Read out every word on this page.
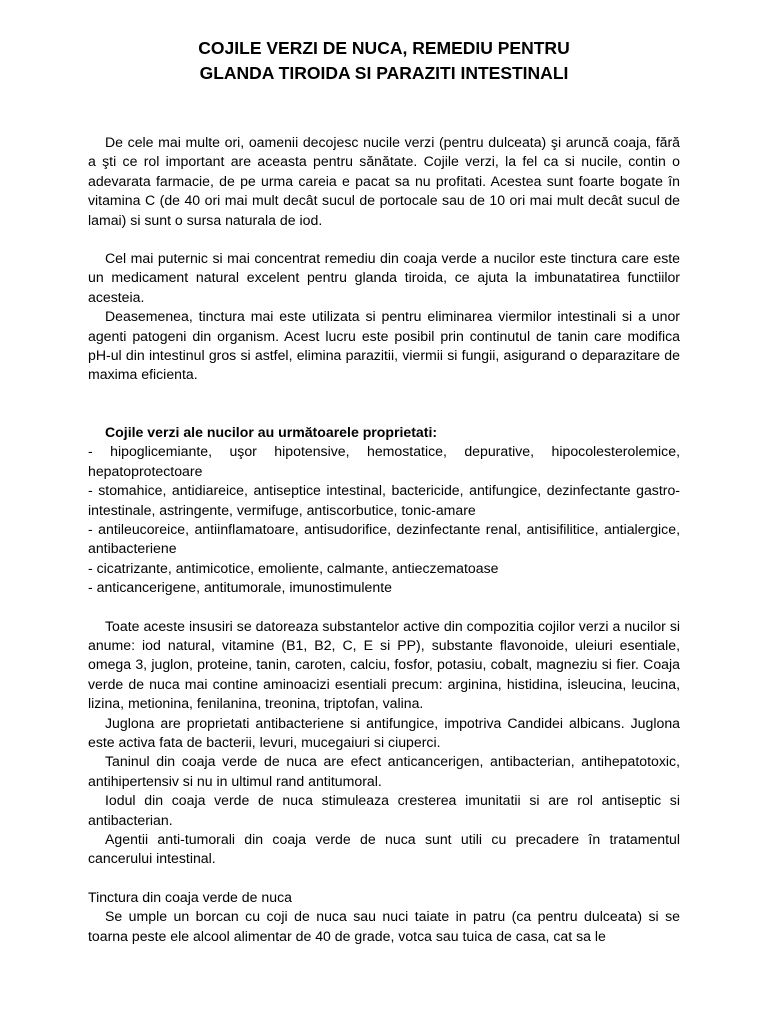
COJILE VERZI DE NUCA, REMEDIU PENTRU
GLANDA TIROIDA SI PARAZITI INTESTINALI

De cele mai multe ori, oamenii decojesc nucile verzi (pentru dulceata) şi aruncă coaja, fără a şti ce rol important are aceasta pentru sănătate. Cojile verzi, la fel ca si nucile, contin o adevarata farmacie, de pe urma careia e pacat sa nu profitati. Acestea sunt foarte bogate în vitamina C (de 40 ori mai mult decât sucul de portocale sau de 10 ori mai mult decât sucul de lamai) si sunt o sursa naturala de iod.

Cel mai puternic si mai concentrat remediu din coaja verde a nucilor este tinctura care este un medicament natural excelent pentru glanda tiroida, ce ajuta la imbunatatirea functiilor acesteia.

Deasemenea, tinctura mai este utilizata si pentru eliminarea viermilor intestinali si a unor agenti patogeni din organism. Acest lucru este posibil prin continutul de tanin care modifica pH-ul din intestinul gros si astfel, elimina parazitii, viermii si fungii, asigurand o deparazitare de maxima eficienta.

Cojile verzi ale nucilor au următoarele proprietati:

- hipoglicemiante, uşor hipotensive, hemostatice, depurative, hipocolesterolemice, hepatoprotectoare

- stomahice, antidiareice, antiseptice intestinal, bactericide, antifungice, dezinfectante gastro-intestinale, astringente, vermifuge, antiscorbutice, tonic-amare

- antileucoreice, antiinflamatoare, antisudorifice, dezinfectante renal, antisifilitice, antialergice, antibacteriene

- cicatrizante, antimicotice, emoliente, calmante, antieczematoase

- anticancerigene, antitumorale, imunostimulente

Toate aceste insusiri se datoreaza substantelor active din compozitia cojilor verzi a nucilor si anume: iod natural, vitamine (B1, B2, C, E si PP), substante flavonoide, uleiuri esentiale, omega 3, juglon, proteine, tanin, caroten, calciu, fosfor, potasiu, cobalt, magneziu si fier. Coaja verde de nuca mai contine aminoacizi esentiali precum: arginina, histidina, isleucina, leucina, lizina, metionina, fenilanina, treonina, triptofan, valina.

Juglona are proprietati antibacteriene si antifungice, impotriva Candidei albicans. Juglona este activa fata de bacterii, levuri, mucegaiuri si ciuperci.

Taninul din coaja verde de nuca are efect anticancerigen, antibacterian, antihepatotoxic, antihipertensiv si nu in ultimul rand antitumoral.

Iodul din coaja verde de nuca stimuleaza cresterea imunitatii si are rol antiseptic si antibacterian.

Agentii anti-tumorali din coaja verde de nuca sunt utili cu precadere în tratamentul cancerului intestinal.

Tinctura din coaja verde de nuca

Se umple un borcan cu coji de nuca sau nuci taiate in patru (ca pentru dulceata) si se toarna peste ele alcool alimentar de 40 de grade, votca sau tuica de casa, cat sa le
